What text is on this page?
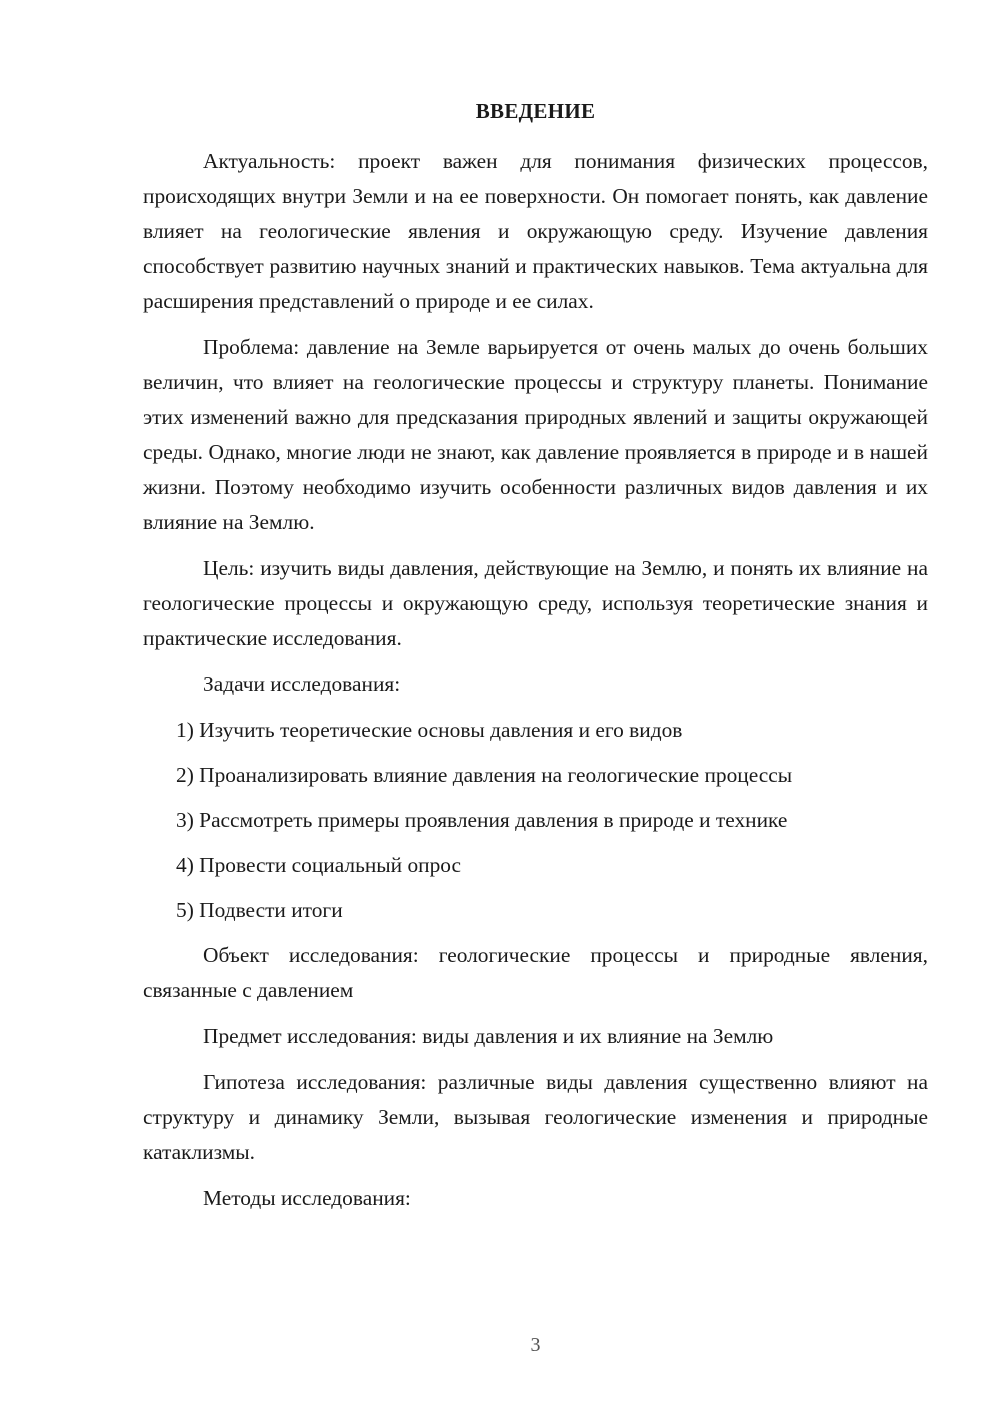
ВВЕДЕНИЕ

Актуальность: проект важен для понимания физических процессов, происходящих внутри Земли и на ее поверхности. Он помогает понять, как давление влияет на геологические явления и окружающую среду. Изучение давления способствует развитию научных знаний и практических навыков. Тема актуальна для расширения представлений о природе и ее силах.

Проблема: давление на Земле варьируется от очень малых до очень больших величин, что влияет на геологические процессы и структуру планеты. Понимание этих изменений важно для предсказания природных явлений и защиты окружающей среды. Однако, многие люди не знают, как давление проявляется в природе и в нашей жизни. Поэтому необходимо изучить особенности различных видов давления и их влияние на Землю.

Цель: изучить виды давления, действующие на Землю, и понять их влияние на геологические процессы и окружающую среду, используя теоретические знания и практические исследования.

Задачи исследования:

1) Изучить теоретические основы давления и его видов

2) Проанализировать влияние давления на геологические процессы

3) Рассмотреть примеры проявления давления в природе и технике

4) Провести социальный опрос

5) Подвести итоги

Объект исследования: геологические процессы и природные явления, связанные с давлением

Предмет исследования: виды давления и их влияние на Землю

Гипотеза исследования: различные виды давления существенно влияют на структуру и динамику Земли, вызывая геологические изменения и природные катаклизмы.

Методы исследования:

3
